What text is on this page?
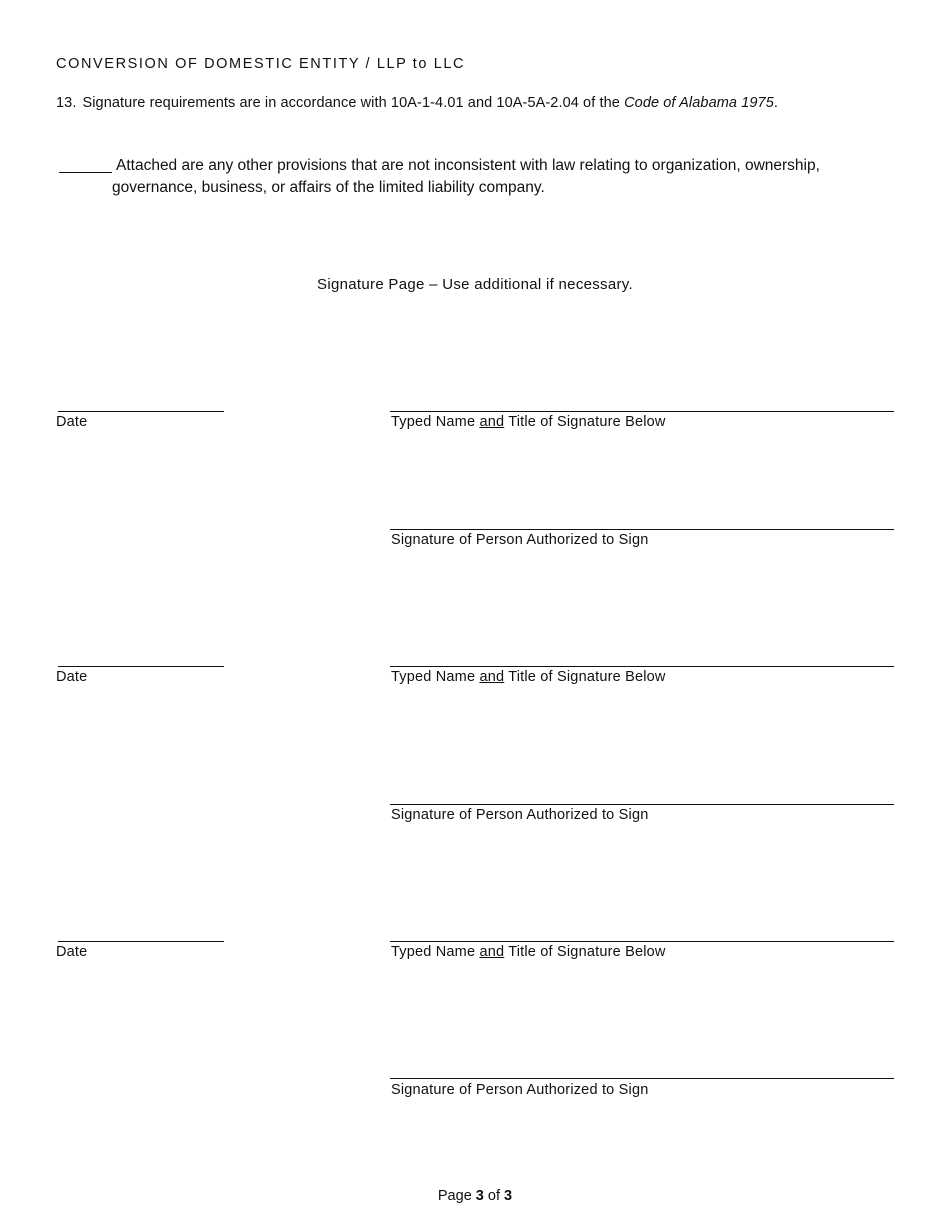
CONVERSION OF DOMESTIC ENTITY / LLP to LLC
13. Signature requirements are in accordance with 10A-1-4.01 and 10A-5A-2.04 of the Code of Alabama 1975.
Attached are any other provisions that are not inconsistent with law relating to organization, ownership, governance, business, or affairs of the limited liability company.
Signature Page – Use additional if necessary.
Date	Typed Name and Title of Signature Below
Signature of Person Authorized to Sign
Date	Typed Name and Title of Signature Below
Signature of Person Authorized to Sign
Date	Typed Name and Title of Signature Below
Signature of Person Authorized to Sign
Page 3 of 3
